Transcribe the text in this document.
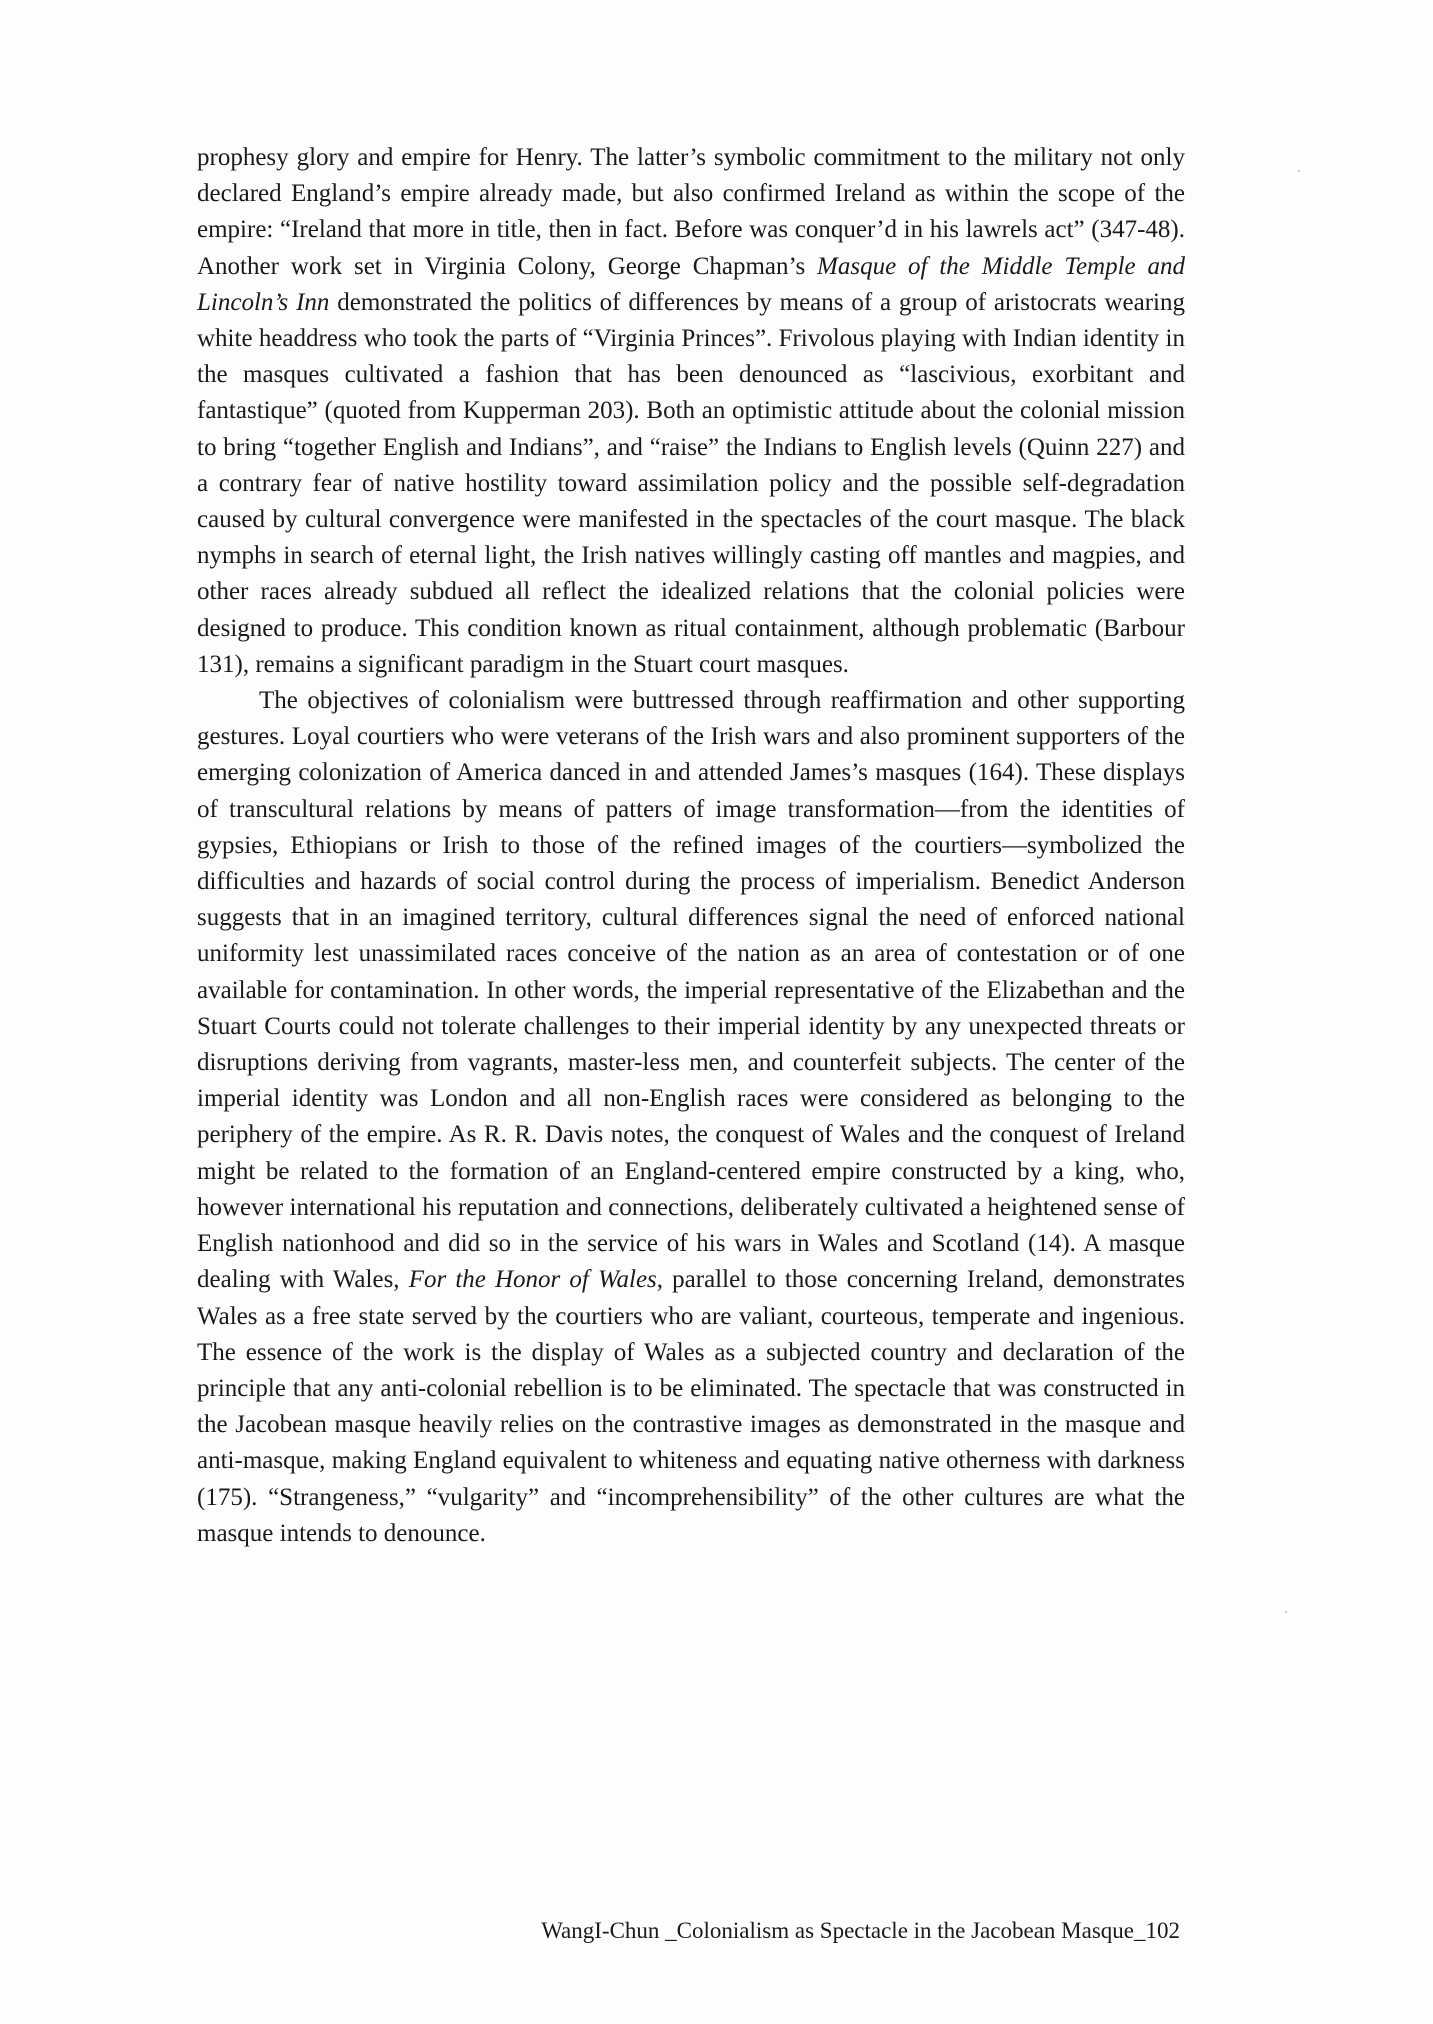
prophesy glory and empire for Henry. The latter’s symbolic commitment to the military not only declared England’s empire already made, but also confirmed Ireland as within the scope of the empire: “Ireland that more in title, then in fact. Before was conquer’d in his lawrels act” (347-48). Another work set in Virginia Colony, George Chapman’s Masque of the Middle Temple and Lincoln’s Inn demonstrated the politics of differences by means of a group of aristocrats wearing white headdress who took the parts of “Virginia Princes”. Frivolous playing with Indian identity in the masques cultivated a fashion that has been denounced as “lascivious, exorbitant and fantastique” (quoted from Kupperman 203). Both an optimistic attitude about the colonial mission to bring “together English and Indians”, and “raise” the Indians to English levels (Quinn 227) and a contrary fear of native hostility toward assimilation policy and the possible self-degradation caused by cultural convergence were manifested in the spectacles of the court masque. The black nymphs in search of eternal light, the Irish natives willingly casting off mantles and magpies, and other races already subdued all reflect the idealized relations that the colonial policies were designed to produce. This condition known as ritual containment, although problematic (Barbour 131), remains a significant paradigm in the Stuart court masques.

The objectives of colonialism were buttressed through reaffirmation and other supporting gestures. Loyal courtiers who were veterans of the Irish wars and also prominent supporters of the emerging colonization of America danced in and attended James’s masques (164). These displays of transcultural relations by means of patters of image transformation—from the identities of gypsies, Ethiopians or Irish to those of the refined images of the courtiers—symbolized the difficulties and hazards of social control during the process of imperialism. Benedict Anderson suggests that in an imagined territory, cultural differences signal the need of enforced national uniformity lest unassimilated races conceive of the nation as an area of contestation or of one available for contamination. In other words, the imperial representative of the Elizabethan and the Stuart Courts could not tolerate challenges to their imperial identity by any unexpected threats or disruptions deriving from vagrants, master-less men, and counterfeit subjects. The center of the imperial identity was London and all non-English races were considered as belonging to the periphery of the empire. As R. R. Davis notes, the conquest of Wales and the conquest of Ireland might be related to the formation of an England-centered empire constructed by a king, who, however international his reputation and connections, deliberately cultivated a heightened sense of English nationhood and did so in the service of his wars in Wales and Scotland (14). A masque dealing with Wales, For the Honor of Wales, parallel to those concerning Ireland, demonstrates Wales as a free state served by the courtiers who are valiant, courteous, temperate and ingenious. The essence of the work is the display of Wales as a subjected country and declaration of the principle that any anti-colonial rebellion is to be eliminated. The spectacle that was constructed in the Jacobean masque heavily relies on the contrastive images as demonstrated in the masque and anti-masque, making England equivalent to whiteness and equating native otherness with darkness (175). “Strangeness,” “vulgarity” and “incomprehensibility” of the other cultures are what the masque intends to denounce.

WangI-Chun _Colonialism as Spectacle in the Jacobean Masque_102
